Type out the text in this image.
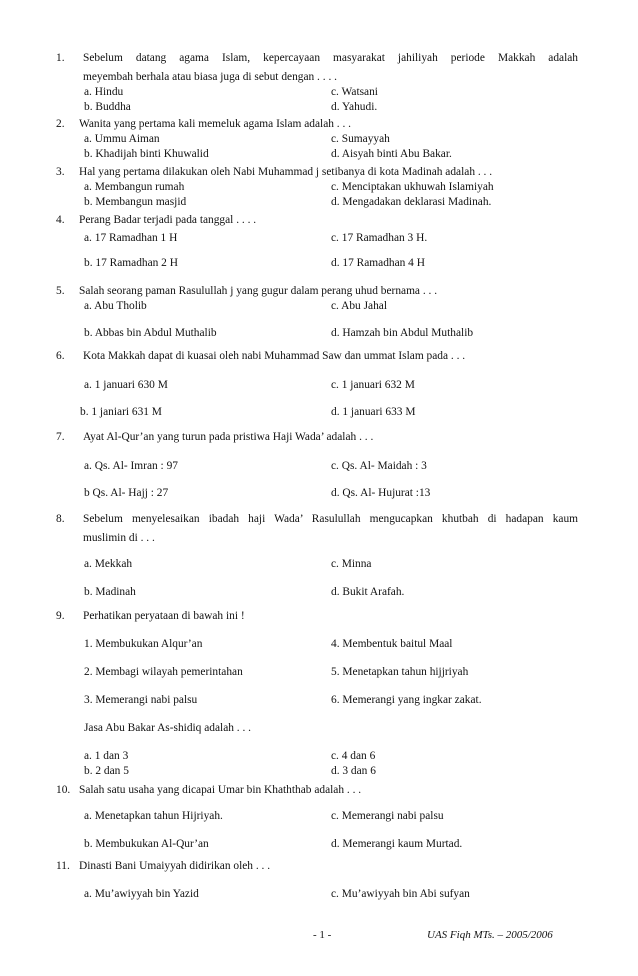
1. Sebelum datang agama Islam, kepercayaan masyarakat jahiliyah periode Makkah adalah
meyembah berhala atau biasa juga di sebut dengan . . . .
a. Hindu	c. Watsani
b. Buddha	d. Yahudi.
2. Wanita yang pertama kali memeluk agama Islam adalah . . .
a. Ummu Aiman	c. Sumayyah
b. Khadijah binti Khuwalid	d. Aisyah binti Abu Bakar.
3. Hal yang pertama dilakukan oleh Nabi Muhammad j setibanya di kota Madinah adalah . . .
a. Membangun rumah	c. Menciptakan ukhuwah Islamiyah
b. Membangun masjid	d. Mengadakan deklarasi Madinah.
4. Perang Badar terjadi pada tanggal . . . .
a. 17 Ramadhan 1 H	c. 17 Ramadhan 3 H.
b. 17 Ramadhan 2 H	d. 17 Ramadhan 4 H
5. Salah seorang paman Rasulullah j yang gugur dalam perang uhud bernama . . .
a. Abu Tholib	c. Abu Jahal
b. Abbas bin Abdul Muthalib	d. Hamzah bin Abdul Muthalib
6. Kota Makkah dapat di kuasai oleh nabi Muhammad Saw dan ummat Islam pada . . .
a. 1 januari 630 M	c. 1 januari 632 M
b. 1 janiari 631 M	d. 1 januari 633 M
7. Ayat Al-Qur’an yang turun pada pristiwa Haji Wada’ adalah . . .
a. Qs. Al- Imran : 97	c. Qs. Al- Maidah : 3
b Qs. Al- Hajj : 27	d. Qs. Al- Hujurat :13
8. Sebelum menyelesaikan ibadah haji Wada’ Rasulullah mengucapkan khutbah di hadapan kaum
muslimin di . . .
a. Mekkah	c. Minna
b. Madinah	d. Bukit Arafah.
9. Perhatikan peryataan di bawah ini !
1. Membukukan Alqur’an	4. Membentuk baitul Maal
2. Membagi wilayah pemerintahan	5. Menetapkan tahun hijjriyah
3. Memerangi nabi palsu	6. Memerangi yang ingkar zakat.
Jasa Abu Bakar As-shidiq adalah . . .
a. 1 dan 3	c. 4 dan 6
b. 2 dan 5	d. 3 dan 6
10. Salah satu usaha yang dicapai Umar bin Khaththab adalah . . .
a. Menetapkan tahun Hijriyah.	c. Memerangi nabi palsu
b. Membukukan Al-Qur’an	d. Memerangi kaum Murtad.
11. Dinasti Bani Umaiyyah didirikan oleh . . .
a. Mu’awiyyah bin Yazid	c. Mu’awiyyah bin Abi sufyan
- 1 -	UAS Fiqh MTs. – 2005/2006
